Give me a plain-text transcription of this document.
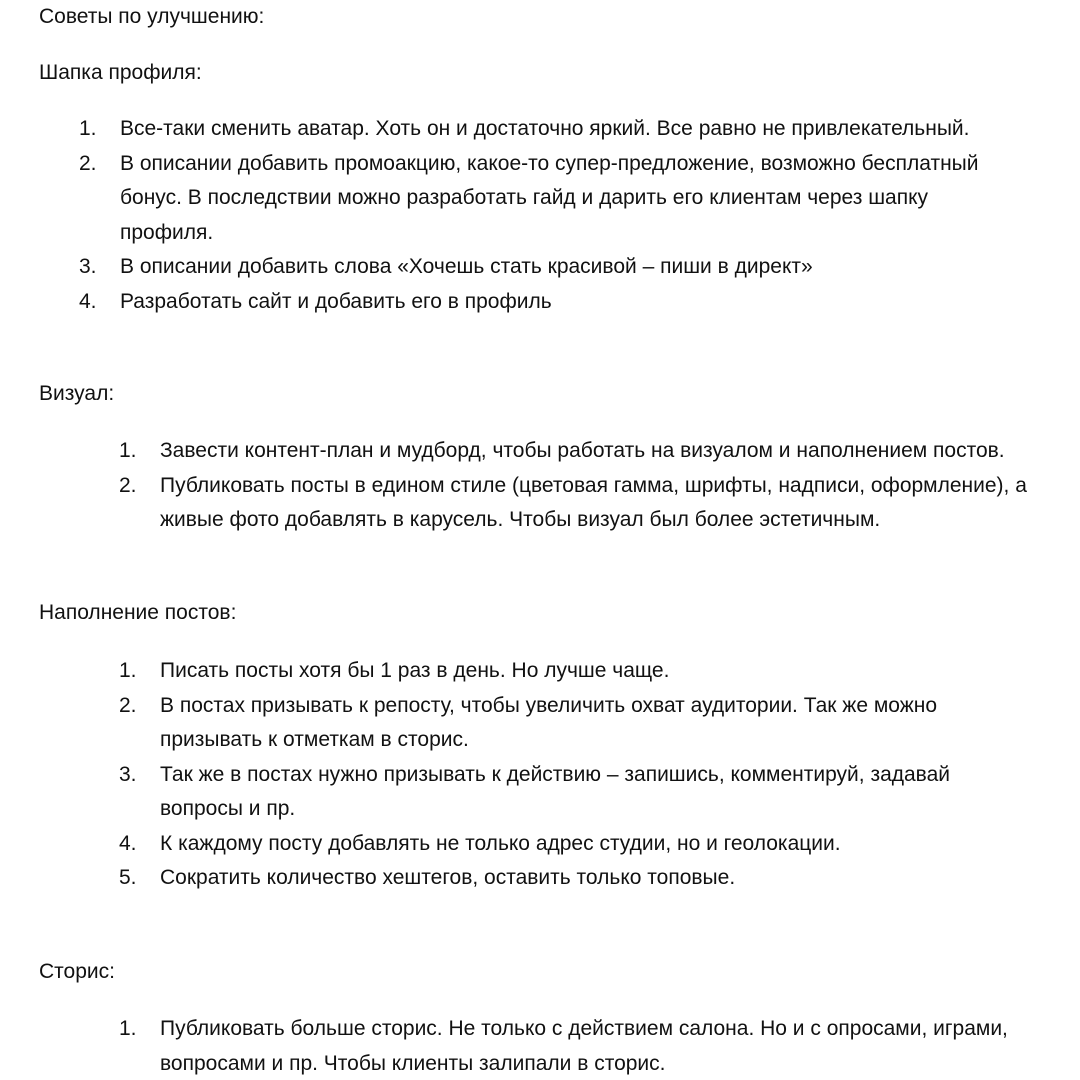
Советы по улучшению:
Шапка профиля:
1. Все-таки сменить аватар. Хоть он и достаточно яркий. Все равно не привлекательный.
2. В описании добавить промоакцию, какое-то супер-предложение, возможно бесплатный
бонус. В последствии можно разработать гайд и дарить его клиентам через шапку
профиля.
3. В описании добавить слова «Хочешь стать красивой – пиши в директ»
4. Разработать сайт и добавить его в профиль
Визуал:
1. Завести контент-план и мудборд, чтобы работать на визуалом и наполнением постов.
2. Публиковать посты в едином стиле (цветовая гамма, шрифты, надписи, оформление), а
живые фото добавлять в карусель. Чтобы визуал был более эстетичным.
Наполнение постов:
1. Писать посты хотя бы 1 раз в день. Но лучше чаще.
2. В постах призывать к репосту, чтобы увеличить охват аудитории. Так же можно
призывать к отметкам в сторис.
3. Так же в постах нужно призывать к действию – запишись, комментируй, задавай
вопросы и пр.
4. К каждому посту добавлять не только адрес студии, но и геолокации.
5. Сократить количество хештегов, оставить только топовые.
Сторис:
1. Публиковать больше сторис. Не только с действием салона. Но и с опросами, играми,
вопросами и пр. Чтобы клиенты залипали в сторис.
